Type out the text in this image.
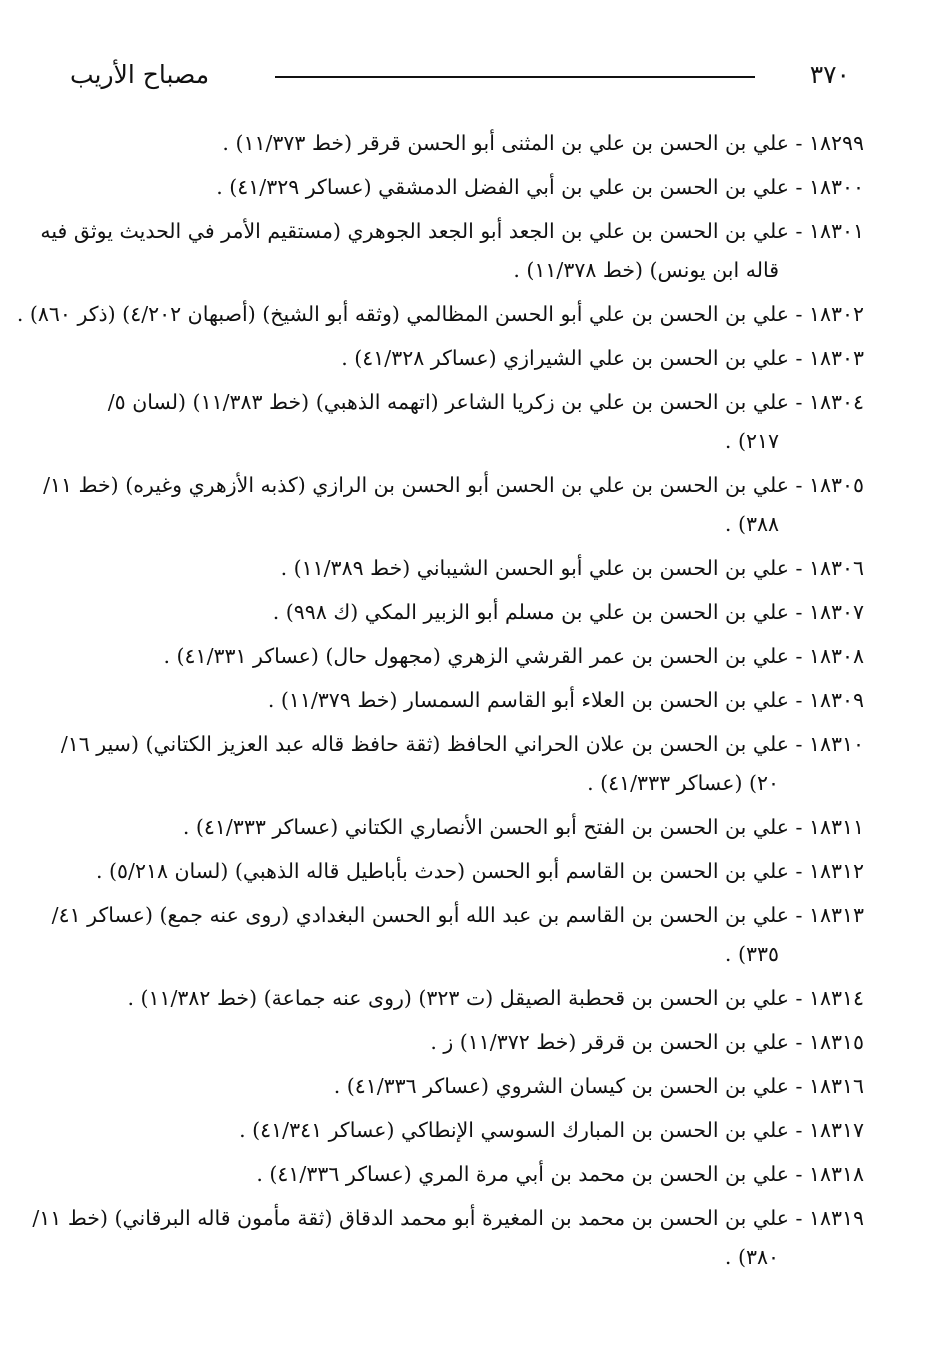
مصباح الأريب	٣٧٠
١٨٢٩٩ - علي بن الحسن بن علي بن المثنى أبو الحسن قرقر (خط ١١/٣٧٣) .
١٨٣٠٠ - علي بن الحسن بن علي بن أبي الفضل الدمشقي (عساكر ٤١/٣٢٩) .
١٨٣٠١ - علي بن الحسن بن علي بن الجعد أبو الجعد الجوهري (مستقيم الأمر في الحديث يوثق فيه
قاله ابن يونس) (خط ١١/٣٧٨) .
١٨٣٠٢ - علي بن الحسن بن علي أبو الحسن المظالمي (وثقه أبو الشيخ) (أصبهان ٤/٢٠٢) (ذكر ٨٦٠) .
١٨٣٠٣ - علي بن الحسن بن علي الشيرازي (عساكر ٤١/٣٢٨) .
١٨٣٠٤ - علي بن الحسن بن علي بن زكريا الشاعر (اتهمه الذهبي) (خط ١١/٣٨٣) (لسان ٥/
٢١٧) .
١٨٣٠٥ - علي بن الحسن بن علي بن الحسن أبو الحسن بن الرازي (كذبه الأزهري وغيره) (خط ١١/
٣٨٨) .
١٨٣٠٦ - علي بن الحسن بن علي أبو الحسن الشيباني (خط ١١/٣٨٩) .
١٨٣٠٧ - علي بن الحسن بن علي بن مسلم أبو الزبير المكي (ك ٩٩٨) .
١٨٣٠٨ - علي بن الحسن بن عمر القرشي الزهري (مجهول حال) (عساكر ٤١/٣٣١) .
١٨٣٠٩ - علي بن الحسن بن العلاء أبو القاسم السمسار (خط ١١/٣٧٩) .
١٨٣١٠ - علي بن الحسن بن علان الحراني الحافظ (ثقة حافظ قاله عبد العزيز الكتاني) (سير ١٦/
٢٠) (عساكر ٤١/٣٣٣) .
١٨٣١١ - علي بن الحسن بن الفتح أبو الحسن الأنصاري الكتاني (عساكر ٤١/٣٣٣) .
١٨٣١٢ - علي بن الحسن بن القاسم أبو الحسن (حدث بأباطيل قاله الذهبي) (لسان ٥/٢١٨) .
١٨٣١٣ - علي بن الحسن بن القاسم بن عبد الله أبو الحسن البغدادي (روى عنه جمع) (عساكر ٤١/
٣٣٥) .
١٨٣١٤ - علي بن الحسن بن قحطبة الصيقل (ت ٣٢٣) (روى عنه جماعة) (خط ١١/٣٨٢) .
١٨٣١٥ - علي بن الحسن بن قرقر (خط ١١/٣٧٢) ز .
١٨٣١٦ - علي بن الحسن بن كيسان الشروي (عساكر ٤١/٣٣٦) .
١٨٣١٧ - علي بن الحسن بن المبارك السوسي الإنطاكي (عساكر ٤١/٣٤١) .
١٨٣١٨ - علي بن الحسن بن محمد بن أبي مرة المري (عساكر ٤١/٣٣٦) .
١٨٣١٩ - علي بن الحسن بن محمد بن المغيرة أبو محمد الدقاق (ثقة مأمون قاله البرقاني) (خط ١١/
٣٨٠) .
